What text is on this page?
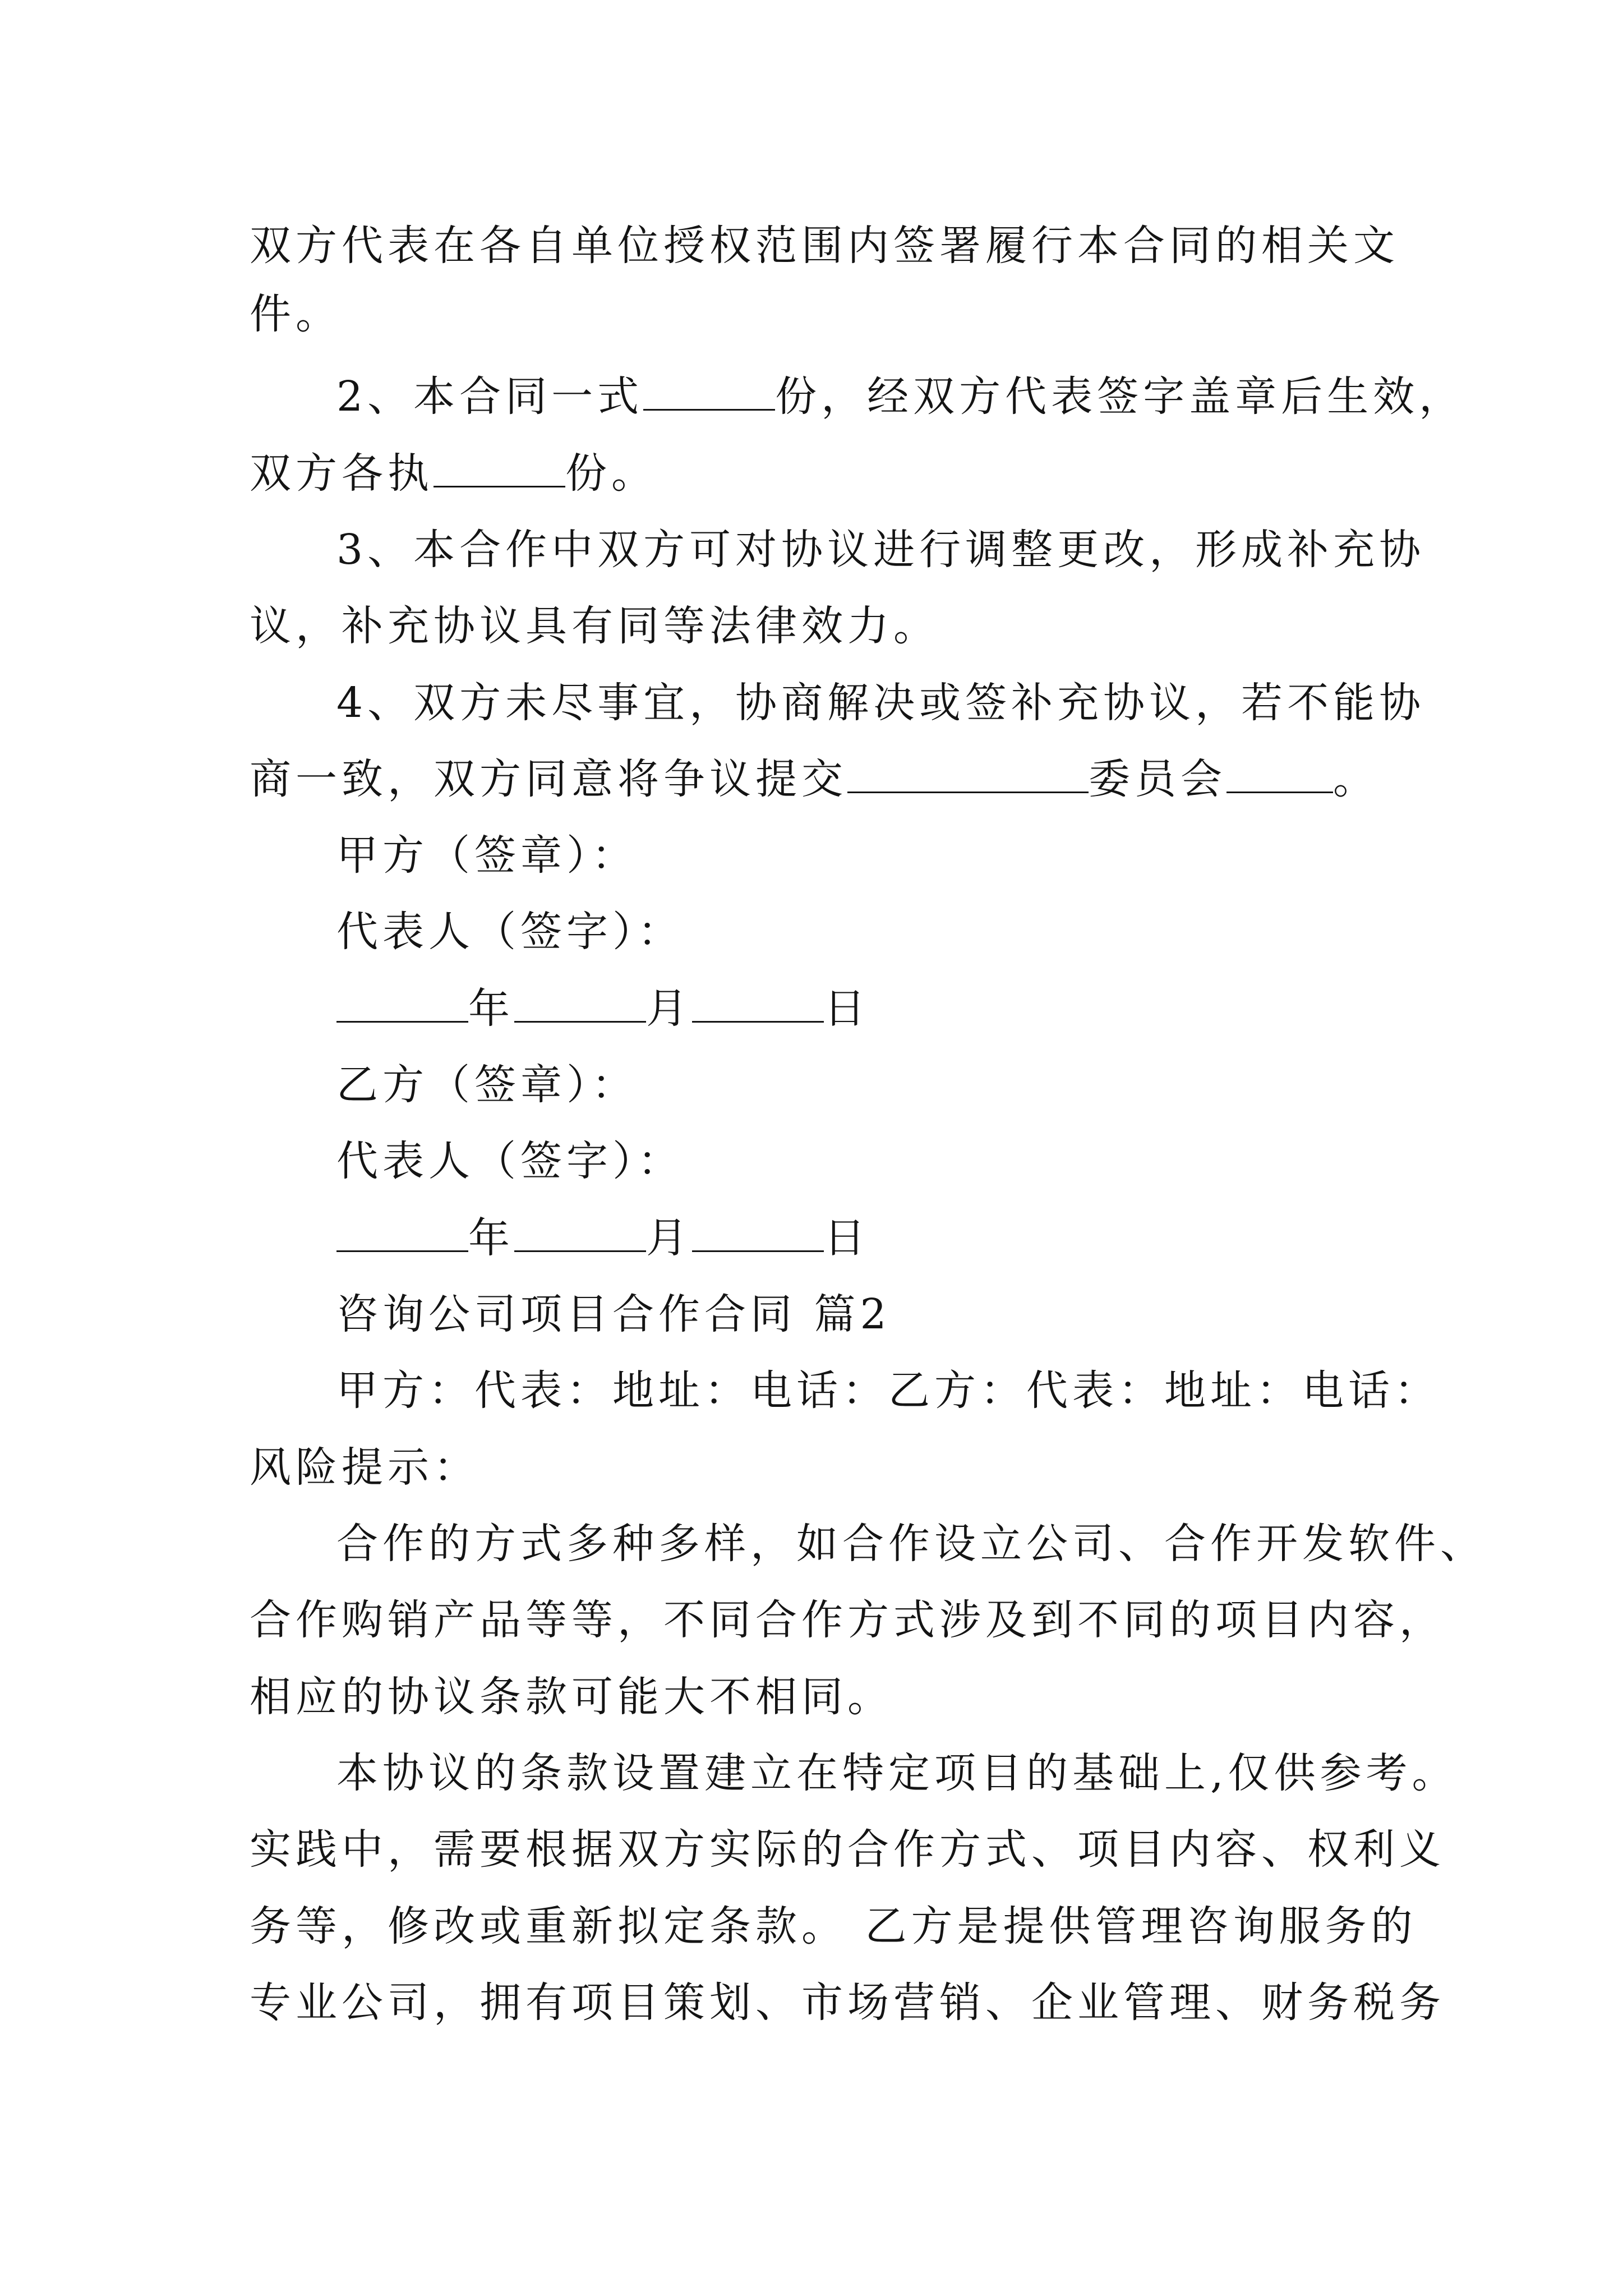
双方代表在各自单位授权范围内签署履行本合同的相关文
件。
2、本合同一式	份，经双方代表签字盖章后生效，
双方各执	份。
3、本合作中双方可对协议进行调整更改，形成补充协
议，补充协议具有同等法律效力。
4、双方未尽事宜，协商解决或签补充协议，若不能协
商一致，双方同意将争议提交	委员会	。
甲方（签章）：
代表人（签字）：
年	月	日
乙方（签章）：
代表人（签字）：
年	月	日
咨询公司项目合作合同 篇2
甲方：代表：地址：电话：乙方：代表：地址：电话：
风险提示：
合作的方式多种多样，如合作设立公司、合作开发软件、
合作购销产品等等，不同合作方式涉及到不同的项目内容，
相应的协议条款可能大不相同。
本协议的条款设置建立在特定项目的基础上,仅供参考。
实践中，需要根据双方实际的合作方式、项目内容、权利义
务等，修改或重新拟定条款。 乙方是提供管理咨询服务的
专业公司，拥有项目策划、市场营销、企业管理、财务税务
